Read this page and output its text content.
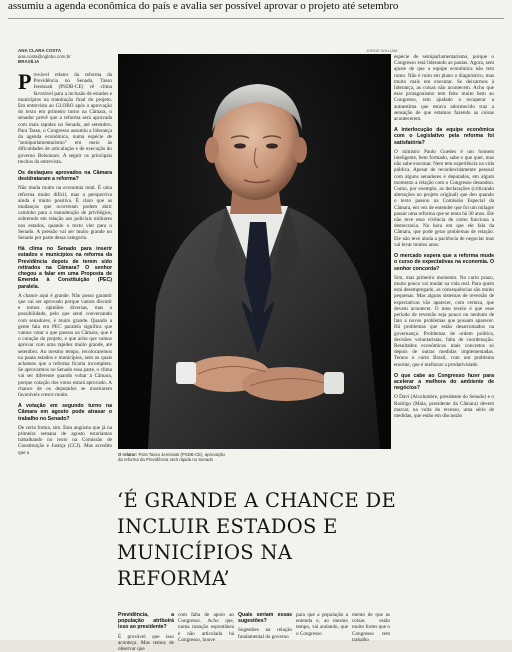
assumiu a agenda econômica do país e avalia ser possível aprovar o projeto até setembro
ANA CLARA COSTA
ana.costa@oglobo.com.br
BRASÍLIA
JORGE WILLIAM

P rovável relator da reforma da Previdência no Senado, Tasso Jereissati (PSDB-CE) vê clima favorável para a inclusão de estados e municípios na tramitação final do projeto. Em entrevista ao GLOBO após a aprovação do texto em primeiro turno na Câmara, o senador prevê que a reforma será aprovada com mais rapidez no Senado, até setembro. Para Tasso, o Congresso assumiu a liderança da agenda econômica, numa espécie de "semiparlamentarismo" em meio às dificuldades de articulação e de execução do governo Bolsonaro. A seguir os principais trechos da entrevista.

Os deslaques aprovados na Câmara desidrataram a reforma?

Não muda muito na economia total. É uma reforma muito difícil, mas a perspectiva ainda é muito positiva. É claro que as mudanças que ocorreram podem abrir caminho para a manutenção de privilégios, sobretudo em relação aos policiais militares nos estados, quando o texto vier para o Senado. A pressão vai ser muito grande no Senado por parte dessa categoria.

Há clima no Senado para inserir estados e municípios na reforma da Previdência depois de terem sido retirados na Câmara? O senhor chegou a falar em uma Proposta de Emenda à Constituição (PEC) paralela.

A chance aqui é grande. Não posso garantir que vai ser aprovado porque vamos discutir e tomos opiniões diversas, mas a possibilidade, pelo que senti conversando com senadores, é muito grande. Quando a gente fala em PEC paralela significa que vamos votar o que passou na Câmara, que é o coração do projeto, e que acho que vamos aprovar com uma rapidez muito grande, até setembro. Ao mesmo tempo, recolocaremos na pauta estados e municípios, sem os quais achamos que a reforma ficaria incompleta. Se aprovarmos no Senado essa parte, o clima vai ser diferente quando voltar à Câmara, porque cotação dos votos estará aprovado. A chance de os deputados se mostrarem favoráveis cresce muito.

A votação em segundo turno na Câmara em agosto pode atrasar o trabalho no Senado?

De certa forma, sim. Esta angústia que já na primeira semana de agosto estaríamos trabalhando no texto na Comissão de Constituição e Justiça (CCJ). Mas acredito que a	O relator: Para Tasso Jereissati (PSDB-CE), aprovação da reforma da Previdência será rápida no Senado
‘É GRANDE A CHANCE DE INCLUIR ESTADOS E MUNICÍPIOS NA REFORMA’

espécie de semiparlamentarismo, porque o Congresso está liderando as pautas. Agora, sem ajuste de que a equipe econômica não tem rumo. Não é ruim em plano o diagnóstico, mas muito mais em executar. Se deixarmos à liderança, as coisas não acontecem. Acho que esse protagonismo tem feito muito bem ao Congresso, tem ajudado a recuperar a autoestima que estava adormecido traz a sensação de que estamos fazendo as coisas acontecerem.

A interlocução da equipe econômica com o Legislativo pela reforma foi satisfatória?

O ministro Paulo Guedes é um homem inteligente, bem formado, sabe o que quer, mas não sabe executar. Nem tem experiência na vida pública. Apesar de reconhecidamente pessoal com alguns senadores e deputados, em algum momento a relação com o Congresso desandou. Como, por exemplo, as declarações (criticando alterações no projeto original) que deu quando o texto passou na Comissão Especial da Câmara, em vez de entender que foi um milagre passar uma reforma que se tenta há 30 anos. Ele não teve essa vivência de como funciona a democracia. Na hora em que ele fala da Câmara, que pode gerar problemas de relação. Ele não teve ainda a paciência de negociar mas vai levar muitos anos.

O mercado espera que a reforma mude o curso de expectativas na economia. O senhor concorda?

Sim, mas primeiro momento. No curto prazo, muito pouco vai mudar na vida real. Para quem está desempregado, as consequências são muito pequenas. Mas alguns sistemas de reversão de expectativas vão aparecer, com certeza, que devem acontecer. O meu receio é que esse período de reversão seja pouco ou nenhum de fato a novos problemas que possam aparecer. Há problemas que estão desarrumados na governança. Problemas de ordem política, decisões voluntaristas, falta de coordenação. Resultados econômicos mais concretos só depois de outras medidas implementadas. Temos o curto Brasil, com um problema enorme, que é melhorar a produtividade.

O que cabe ao Congresso fazer para acelerar a melhora do ambiente de negócios?

O Davi (Alcolumbre, presidente do Senado) e o Rodrigo (Maia, presidente da Câmara) devem marcar, na volta do recesso, uma série de medidas, que estão em discussão

Previdência, a população atribuirá isso ao presidente?

É provável que isso aconteça. Mas temos de observar que

com falta de apoio ao Congresso. Acho que, numa manção espontânea e não articulada há Congresso, houve

Quais seriam essas sugestões?

Sugestões na relação fundamental do governo

para que a população a entenda e, ao mesmo tempo, vai andando, que o Congresso

mento de que as coisas estão muito fortes que o Congresso tem trabalho
